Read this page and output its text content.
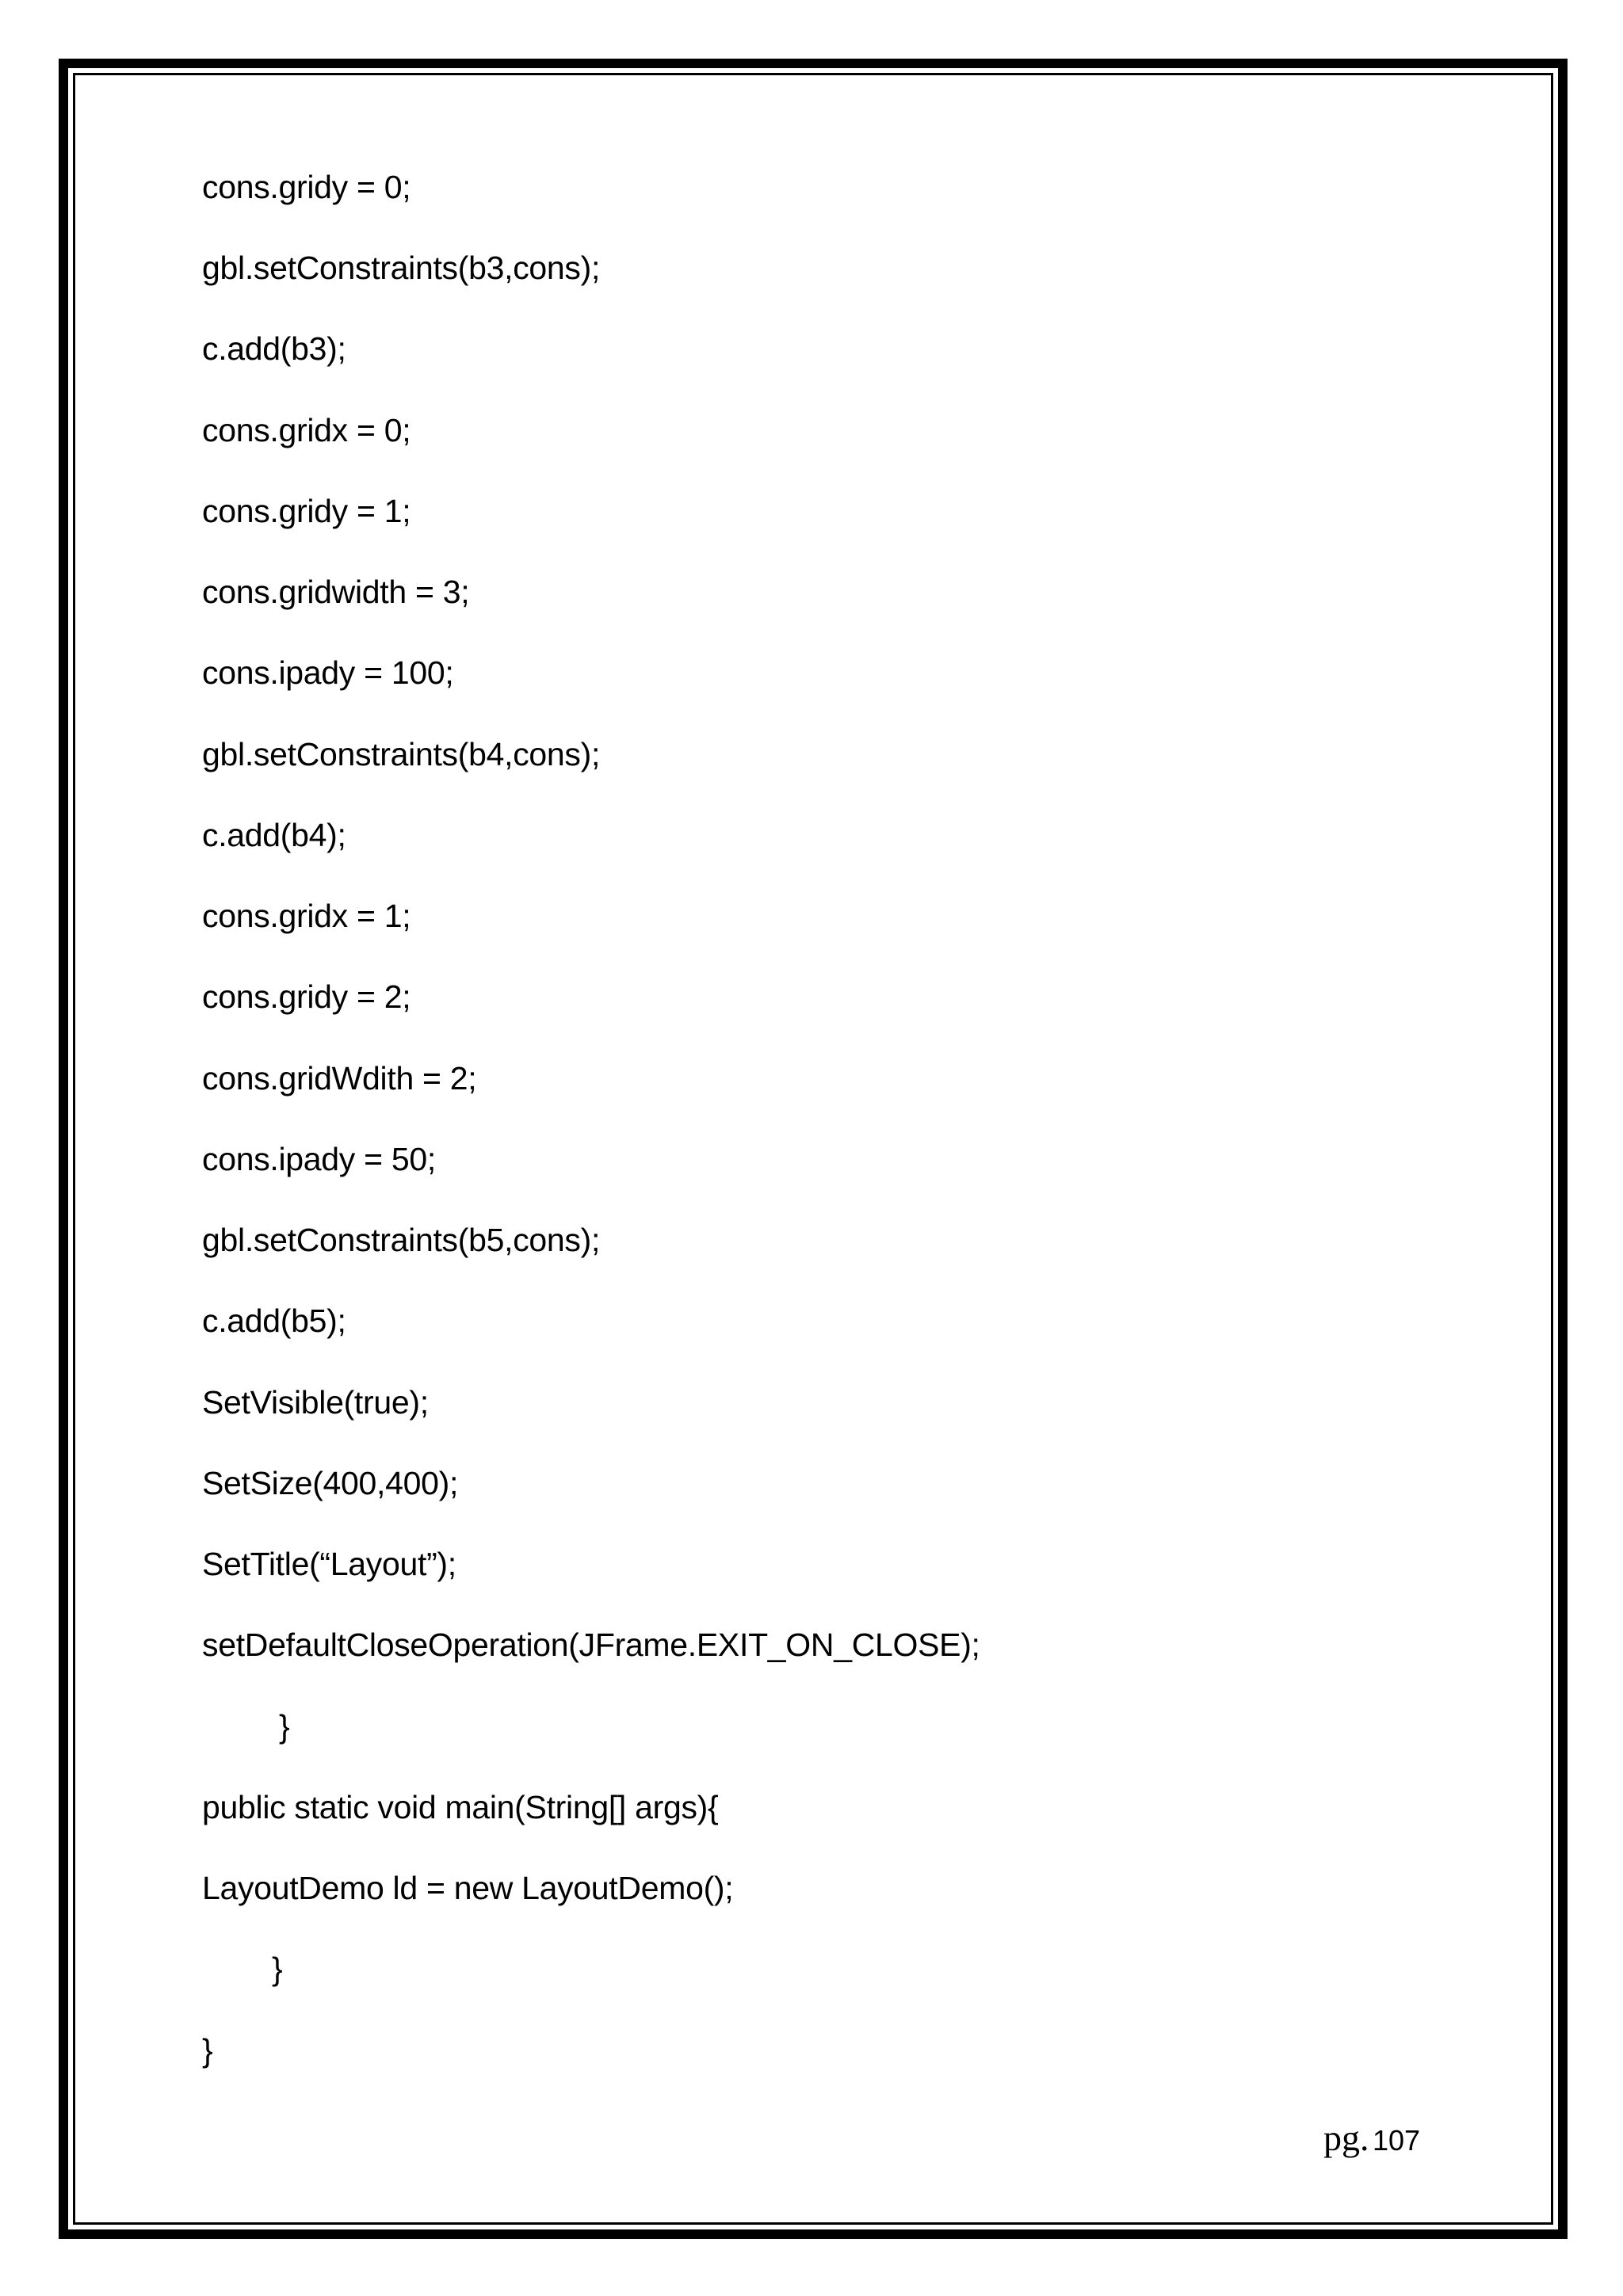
cons.gridy = 0;
gbl.setConstraints(b3,cons);
c.add(b3);
cons.gridx = 0;
cons.gridy = 1;
cons.gridwidth = 3;
cons.ipady = 100;
gbl.setConstraints(b4,cons);
c.add(b4);
cons.gridx = 1;
cons.gridy = 2;
cons.gridWdith = 2;
cons.ipady = 50;
gbl.setConstraints(b5,cons);
c.add(b5);
SetVisible(true);
SetSize(400,400);
SetTitle(“Layout”);
setDefaultCloseOperation(JFrame.EXIT_ON_CLOSE);
}
public static void main(String[] args){
LayoutDemo ld = new LayoutDemo();
}
}
pg. 107
